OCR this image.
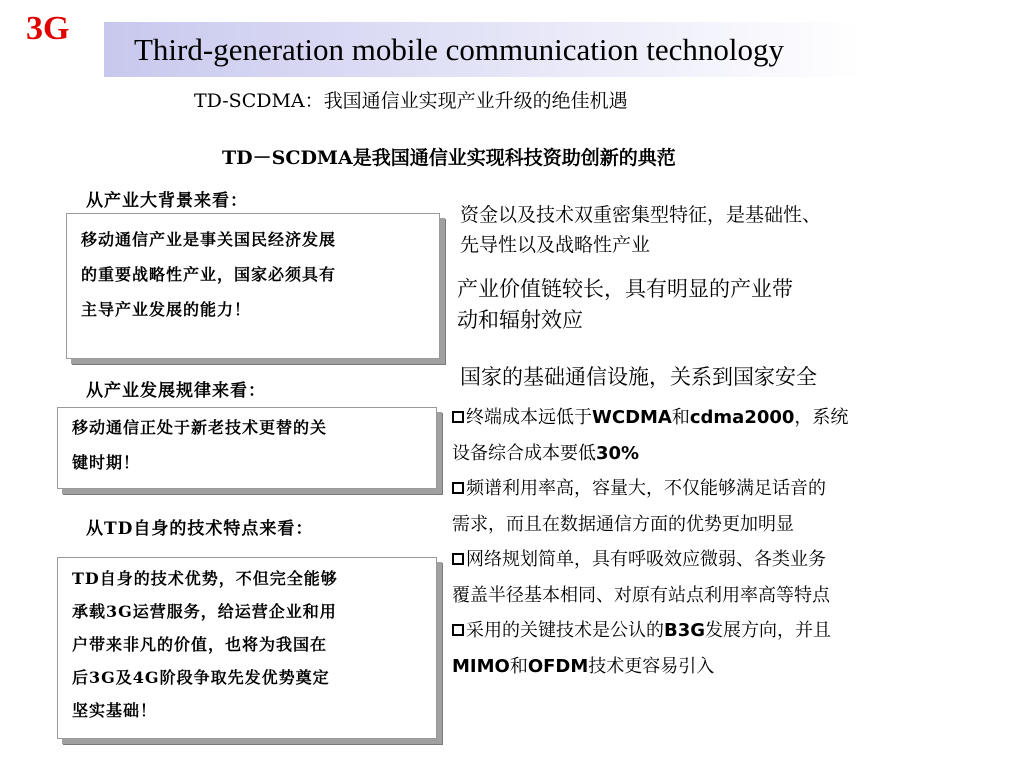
3G
Third-generation mobile communication technology
TD-SCDMA：我国通信业实现产业升级的绝佳机遇
TD－SCDMA是我国通信业实现科技资助创新的典范
从产业大背景来看：
移动通信产业是事关国民经济发展
的重要战略性产业，国家必须具有
主导产业发展的能力！
从产业发展规律来看：
移动通信正处于新老技术更替的关
键时期！
从TD自身的技术特点来看：
TD自身的技术优势，不但完全能够
承载3G运营服务，给运营企业和用
户带来非凡的价值，也将为我国在
后3G及4G阶段争取先发优势奠定
坚实基础！
资金以及技术双重密集型特征，是基础性、
先导性以及战略性产业
产业价值链较长，具有明显的产业带
动和辐射效应
国家的基础通信设施，关系到国家安全
终端成本远低于WCDMA和cdma2000，系统
设备综合成本要低30%
频谱利用率高，容量大，不仅能够满足话音的
需求，而且在数据通信方面的优势更加明显
网络规划简单，具有呼吸效应微弱、各类业务
覆盖半径基本相同、对原有站点利用率高等特点
采用的关键技术是公认的B3G发展方向，并且
MIMO和OFDM技术更容易引入
